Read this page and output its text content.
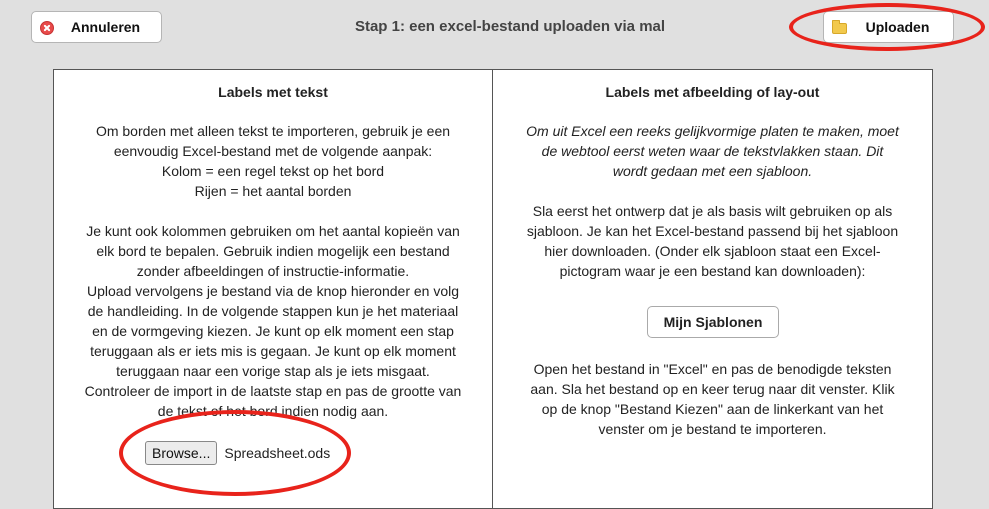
Annuleren	Stap 1: een excel-bestand uploaden via mal	Uploaden
Labels met tekst

Om borden met alleen tekst te importeren, gebruik je een

eenvoudig Excel-bestand met de volgende aanpak:

Kolom = een regel tekst op het bord

Rijen = het aantal borden

Je kunt ook kolommen gebruiken om het aantal kopieën van

elk bord te bepalen. Gebruik indien mogelijk een bestand

zonder afbeeldingen of instructie-informatie.

Upload vervolgens je bestand via de knop hieronder en volg

de handleiding. In de volgende stappen kun je het materiaal

en de vormgeving kiezen. Je kunt op elk moment een stap

teruggaan als er iets mis is gegaan. Je kunt op elk moment

teruggaan naar een vorige stap als je iets misgaat.

Controleer de import in de laatste stap en pas de grootte van

de tekst of het bord indien nodig aan.

Browse...	Spreadsheet.ods
Labels met afbeelding of lay-out

Om uit Excel een reeks gelijkvormige platen te maken, moet

de webtool eerst weten waar de tekstvlakken staan. Dit

wordt gedaan met een sjabloon.

Sla eerst het ontwerp dat je als basis wilt gebruiken op als

sjabloon. Je kan het Excel-bestand passend bij het sjabloon

hier downloaden. (Onder elk sjabloon staat een Excel-

pictogram waar je een bestand kan downloaden):

Mijn Sjablonen

Open het bestand in "Excel" en pas de benodigde teksten

aan. Sla het bestand op en keer terug naar dit venster. Klik

op de knop "Bestand Kiezen" aan de linkerkant van het

venster om je bestand te importeren.
